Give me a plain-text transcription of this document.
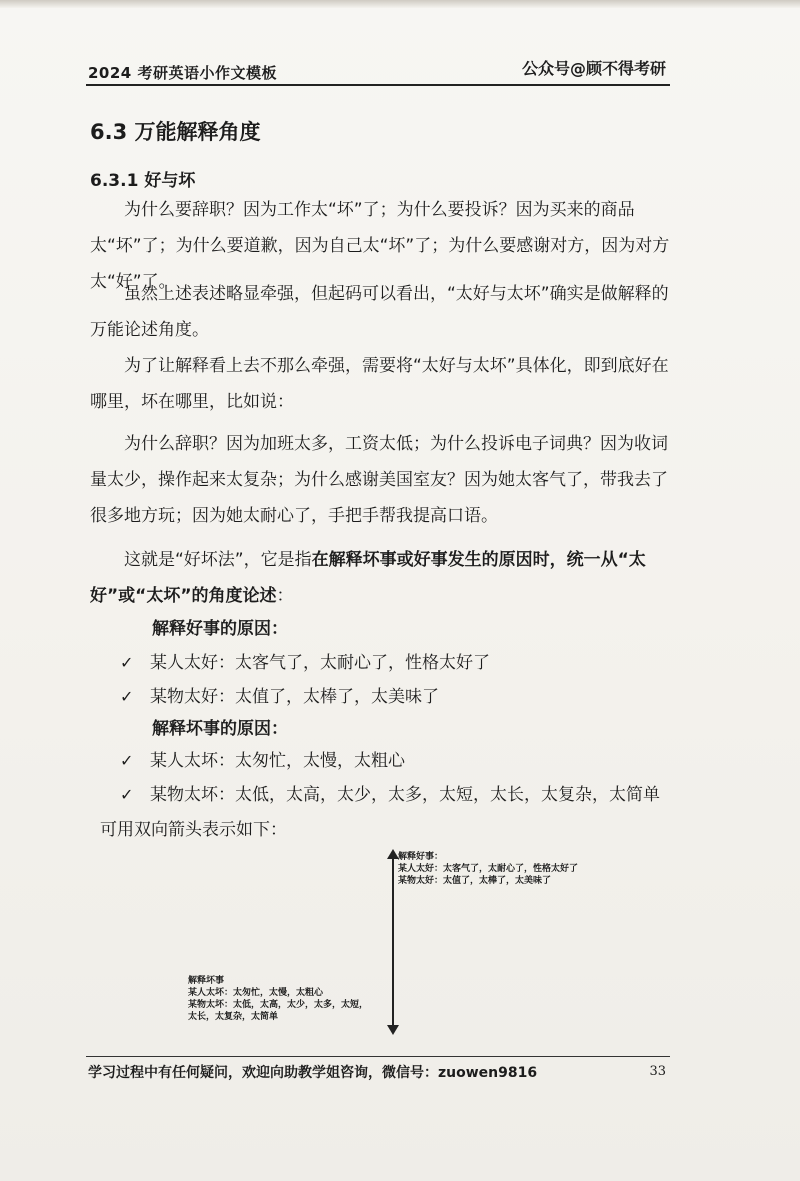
2024 考研英语小作文模板	公众号@顾不得考研
6.3 万能解释角度
6.3.1 好与坏
为什么要辞职？因为工作太“坏”了；为什么要投诉？因为买来的商品太“坏”了；为什么要道歉，因为自己太“坏”了；为什么要感谢对方，因为对方太“好”了。
虽然上述表述略显牵强，但起码可以看出，“太好与太坏”确实是做解释的万能论述角度。
为了让解释看上去不那么牵强，需要将“太好与太坏”具体化，即到底好在哪里，坏在哪里，比如说：
为什么辞职？因为加班太多，工资太低；为什么投诉电子词典？因为收词量太少，操作起来太复杂；为什么感谢美国室友？因为她太客气了，带我去了很多地方玩；因为她太耐心了，手把手帮我提高口语。
这就是“好坏法”，它是指在解释坏事或好事发生的原因时，统一从“太好”或“太坏”的角度论述：
解释好事的原因：
✓ 某人太好：太客气了，太耐心了，性格太好了
✓ 某物太好：太值了，太棒了，太美味了
解释坏事的原因：
✓ 某人太坏：太匆忙，太慢，太粗心
✓ 某物太坏：太低，太高，太少，太多，太短，太长，太复杂，太简单
可用双向箭头表示如下：
解释好事：
某人太好：太客气了，太耐心了，性格太好了
某物太好：太值了，太棒了，太美味了
解释坏事
某人太坏：太匆忙，太慢，太粗心
某物太坏：太低，太高，太少，太多，太短，
太长，太复杂，太简单
学习过程中有任何疑问，欢迎向助教学姐咨询，微信号：zuowen9816	33
